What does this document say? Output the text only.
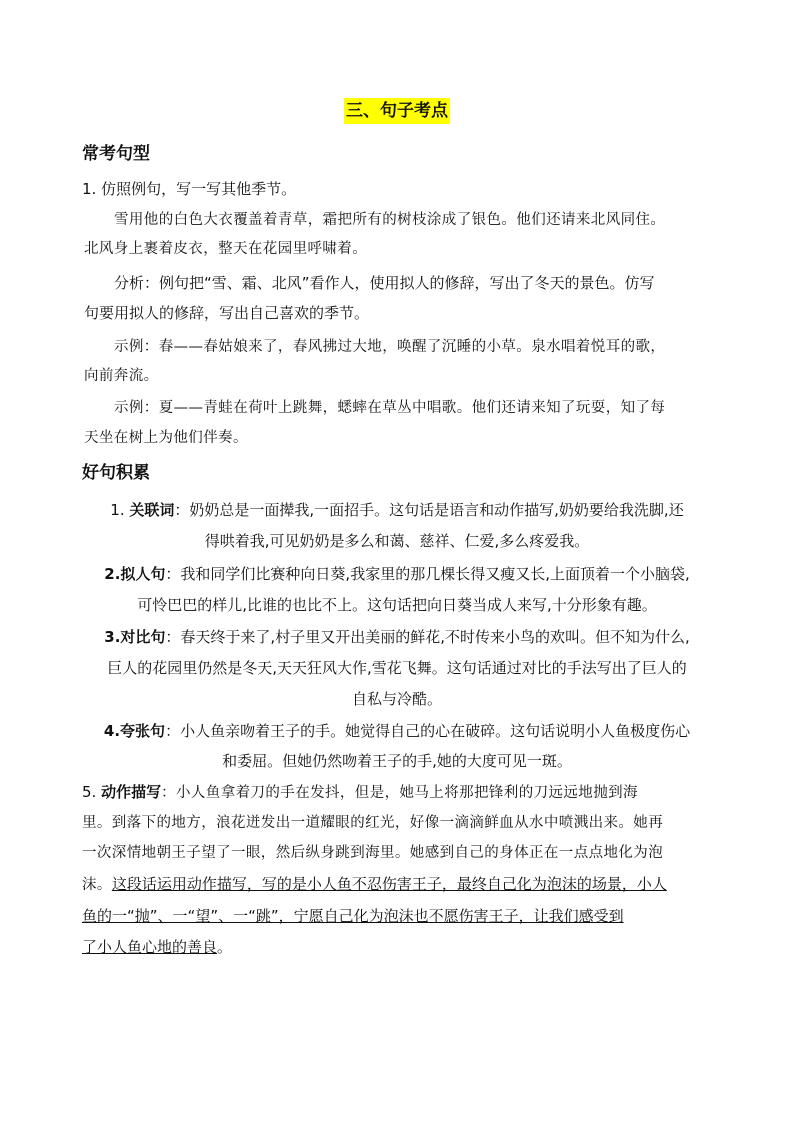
三、句子考点
常考句型
1. 仿照例句，写一写其他季节。
雪用他的白色大衣覆盖着青草，霜把所有的树枝涂成了银色。他们还请来北风同住。
北风身上裹着皮衣，整天在花园里呼啸着。
分析：例句把“雪、霜、北风”看作人，使用拟人的修辞，写出了冬天的景色。仿写
句要用拟人的修辞，写出自己喜欢的季节。
示例：春——春姑娘来了，春风拂过大地，唤醒了沉睡的小草。泉水唱着悦耳的歌，
向前奔流。
示例：夏——青蛙在荷叶上跳舞，蟋蟀在草丛中唱歌。他们还请来知了玩耍，知了每
天坐在树上为他们伴奏。
好句积累
1. 关联词：奶奶总是一面撵我,一面招手。这句话是语言和动作描写,奶奶要给我洗脚,还
得哄着我,可见奶奶是多么和蔼、慈祥、仁爱,多么疼爱我。
2.拟人句：我和同学们比赛种向日葵,我家里的那几棵长得又瘦又长,上面顶着一个小脑袋,
可怜巴巴的样儿,比谁的也比不上。这句话把向日葵当成人来写,十分形象有趣。
3.对比句：春天终于来了,村子里又开出美丽的鲜花,不时传来小鸟的欢叫。但不知为什么,
巨人的花园里仍然是冬天,天天狂风大作,雪花飞舞。这句话通过对比的手法写出了巨人的
自私与冷酷。
4.夸张句：小人鱼亲吻着王子的手。她觉得自己的心在破碎。这句话说明小人鱼极度伤心
和委屈。但她仍然吻着王子的手,她的大度可见一斑。
5. 动作描写：小人鱼拿着刀的手在发抖，但是，她马上将那把锋利的刀远远地抛到海
里。到落下的地方，浪花迸发出一道耀眼的红光，好像一滴滴鲜血从水中喷溅出来。她再
一次深情地朝王子望了一眼，然后纵身跳到海里。她感到自己的身体正在一点点地化为泡
沫。这段话运用动作描写，写的是小人鱼不忍伤害王子，最终自己化为泡沫的场景，小人
鱼的一“抛”、一“望”、一“跳”，宁愿自己化为泡沫也不愿伤害王子，让我们感受到
了小人鱼心地的善良。
